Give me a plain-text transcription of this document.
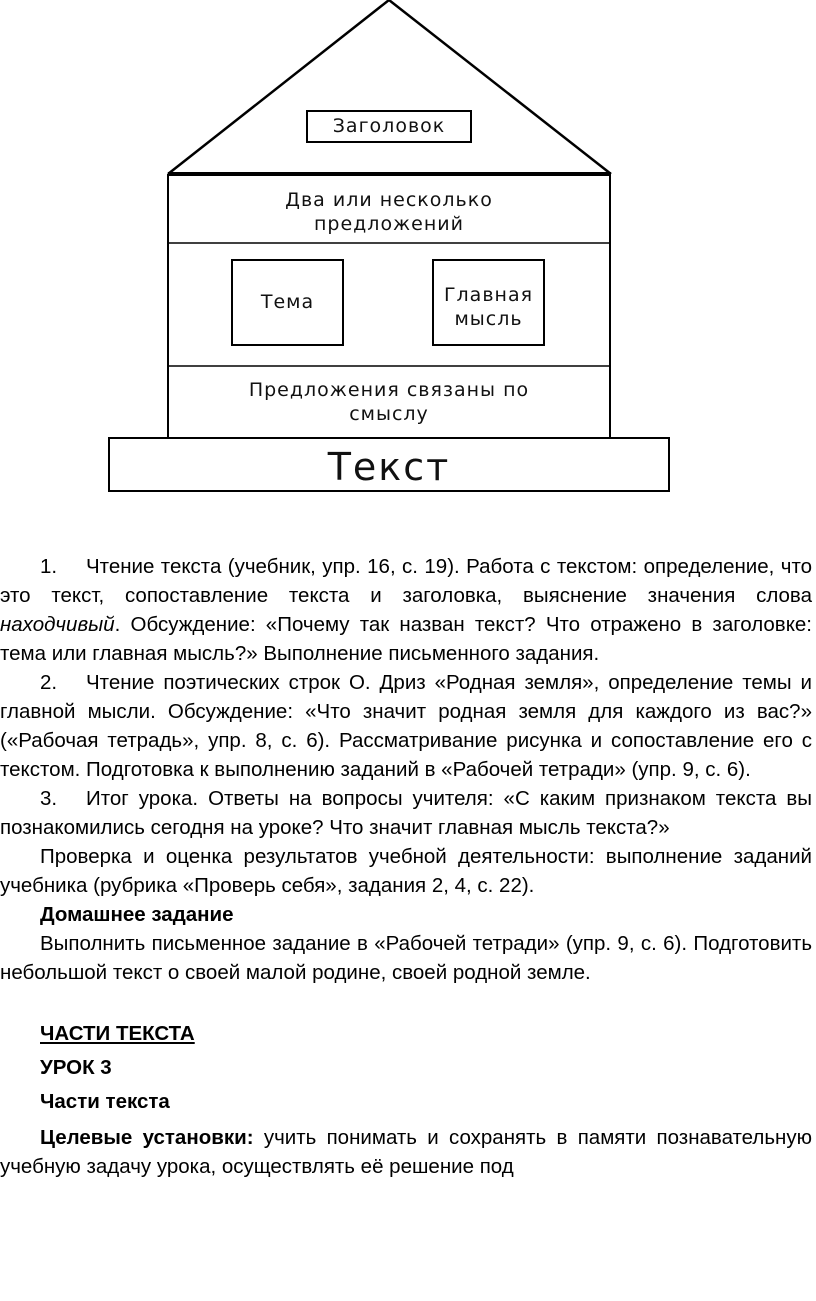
Заголовок
Два или несколько предложений
Тема	Главная мысль
Предложения связаны по смыслу
Текст

1. Чтение текста (учебник, упр. 16, с. 19). Работа с текстом: определение, что это текст, сопоставление текста и заголовка, выяснение значения слова находчивый. Обсуждение: «Почему так назван текст? Что отражено в заголовке: тема или главная мысль?» Выполнение письменного задания.

2. Чтение поэтических строк О. Дриз «Родная земля», определение темы и главной мысли. Обсуждение: «Что значит родная земля для каждого из вас?» («Рабочая тетрадь», упр. 8, с. 6). Рассматривание рисунка и сопоставление его с текстом. Подготовка к выполнению заданий в «Рабочей тетради» (упр. 9, с. 6).

3. Итог урока. Ответы на вопросы учителя: «С каким признаком текста вы познакомились сегодня на уроке? Что значит главная мысль текста?»

Проверка и оценка результатов учебной деятельности: выполнение заданий учебника (рубрика «Проверь себя», задания 2, 4, с. 22).

Домашнее задание

Выполнить письменное задание в «Рабочей тетради» (упр. 9, с. 6). Подготовить небольшой текст о своей малой родине, своей родной земле.

ЧАСТИ ТЕКСТА

УРОК 3

Части текста

Целевые установки: учить понимать и сохранять в памяти познавательную учебную задачу урока, осуществлять её решение под
